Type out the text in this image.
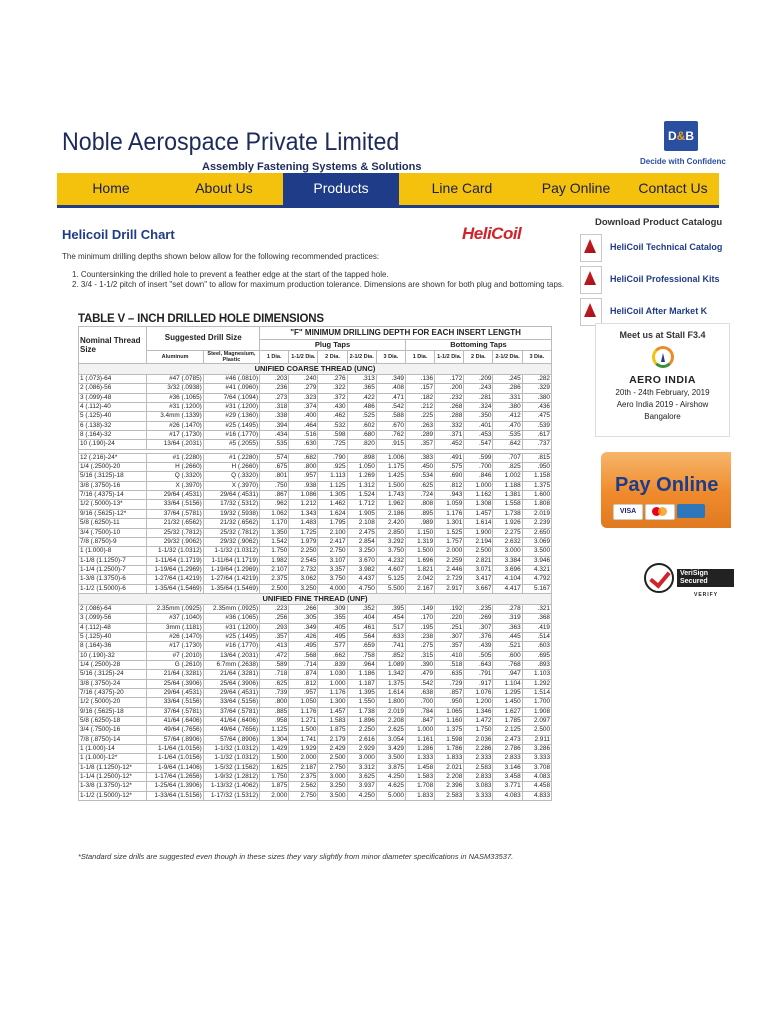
Noble Aerospace Private Limited
Assembly Fastening Systems & Solutions
D&B
Decide with Confidenc
Home	About Us	Products	Line Card	Pay Online	Contact Us
Helicoil Drill Chart	HeliCoil
The minimum drilling depths shown below allow for the following recommended practices:
1. Countersinking the drilled hole to prevent a feather edge at the start of the tapped hole.
2. 3/4 - 1-1/2 pitch of insert "set down" to allow for maximum production tolerance. Dimensions are shown for both plug and bottoming taps.
TABLE V – INCH DRILLED HOLE DIMENSIONS
Nominal Thread Size	Suggested Drill Size		"F" MINIMUM DRILLING DEPTH FOR EACH INSERT LENGTH									
			Plug Taps					Bottoming Taps				
	Aluminum	Steel, Magnesium, Plastic	1 Dia.	1-1/2 Dia.	2 Dia.	2-1/2 Dia.	3 Dia.	1 Dia.	1-1/2 Dia.	2 Dia.	2-1/2 Dia.	3 Dia.
UNIFIED COARSE THREAD (UNC)												
1 (.073)-64	#47 (.0785)	#46 (.0810)	.203	.240	.276	.313	.349	.136	.172	.209	.245	.282
2 (.086)-56	3/32 (.0938)	#41 (.0960)	.236	.279	.322	.365	.408	.157	.200	.243	.286	.329
3 (.099)-48	#36 (.1065)	7/64 (.1094)	.273	.323	.372	.422	.471	.182	.232	.281	.331	.380
4 (.112)-40	#31 (.1200)	#31 (.1200)	.318	.374	.430	.486	.542	.212	.268	.324	.380	.436
5 (.125)-40	3.4mm (.1339)	#29 (.1360)	.338	.400	.462	.525	.588	.225	.288	.350	.412	.475
6 (.138)-32	#26 (.1470)	#25 (.1495)	.394	.464	.532	.602	.670	.263	.332	.401	.470	.539
8 (.164)-32	#17 (.1730)	#16 (.1770)	.434	.516	.598	.680	.762	.289	.371	.453	.535	.617
10 (.190)-24	13/64 (.2031)	#5 (.2055)	.535	.630	.725	.820	.915	.357	.452	.547	.642	.737

12 (.216)-24*	#1 (.2280)	#1 (.2280)	.574	.682	.790	.898	1.006	.383	.491	.599	.707	.815
1/4 (.2500)-20	H (.2660)	H (.2660)	.675	.800	.925	1.050	1.175	.450	.575	.700	.825	.950
5/16 (.3125)-18	Q (.3320)	Q (.3320)	.801	.957	1.113	1.269	1.425	.534	.690	.846	1.002	1.158
3/8 (.3750)-16	X (.3970)	X (.3970)	.750	.938	1.125	1.312	1.500	.625	.812	1.000	1.188	1.375
7/16 (.4375)-14	29/64 (.4531)	29/64 (.4531)	.867	1.086	1.305	1.524	1.743	.724	.943	1.162	1.381	1.600
1/2 (.5000)-13*	33/64 (.5156)	17/32 (.5312)	.962	1.212	1.462	1.712	1.962	.808	1.059	1.308	1.558	1.808
9/16 (.5625)-12*	37/64 (.5781)	19/32 (.5938)	1.062	1.343	1.624	1.905	2.186	.895	1.176	1.457	1.738	2.019
5/8 (.6250)-11	21/32 (.6562)	21/32 (.6562)	1.170	1.483	1.795	2.108	2.420	.989	1.301	1.614	1.926	2.239
3/4 (.7500)-10	25/32 (.7812)	25/32 (.7812)	1.350	1.725	2.100	2.475	2.850	1.150	1.525	1.900	2.275	2.650
7/8 (.8750)-9	29/32 (.9062)	29/32 (.9062)	1.542	1.979	2.417	2.854	3.292	1.319	1.757	2.194	2.632	3.069
1 (1.000)-8	1-1/32 (1.0312)	1-1/32 (1.0312)	1.750	2.250	2.750	3.250	3.750	1.500	2.000	2.500	3.000	3.500
1-1/8 (1.1250)-7	1-11/64 (1.1719)	1-11/64 (1.1719)	1.982	2.545	3.107	3.670	4.232	1.696	2.259	2.821	3.384	3.946
1-1/4 (1.2500)-7	1-19/64 (1.2969)	1-19/64 (1.2969)	2.107	2.732	3.357	3.982	4.607	1.821	2.446	3.071	3.696	4.321
1-3/8 (1.3750)-6	1-27/64 (1.4219)	1-27/64 (1.4219)	2.375	3.062	3.750	4.437	5.125	2.042	2.729	3.417	4.104	4.792
1-1/2 (1.5000)-6	1-35/64 (1.5469)	1-35/64 (1.5469)	2.500	3.250	4.000	4.750	5.500	2.167	2.917	3.667	4.417	5.167
UNIFIED FINE THREAD (UNF)												
2 (.086)-64	2.35mm (.0925)	2.35mm (.0925)	.223	.266	.309	.352	.395	.149	.192	.235	.278	.321
3 (.099)-56	#37 (.1040)	#36 (.1065)	.256	.305	.355	.404	.454	.170	.220	.269	.319	.368
4 (.112)-48	3mm (.1181)	#31 (.1200)	.293	.349	.405	.461	.517	.195	.251	.307	.363	.419
5 (.125)-40	#26 (.1470)	#25 (.1495)	.357	.426	.495	.564	.633	.238	.307	.376	.445	.514
8 (.164)-36	#17 (.1730)	#16 (.1770)	.413	.495	.577	.659	.741	.275	.357	.439	.521	.603
10 (.190)-32	#7 (.2010)	13/64 (.2031)	.472	.568	.662	.758	.852	.315	.410	.505	.600	.695
1/4 (.2500)-28	G (.2610)	6.7mm (.2638)	.589	.714	.839	.964	1.089	.390	.518	.643	.768	.893
5/16 (.3125)-24	21/64 (.3281)	21/64 (.3281)	.718	.874	1.030	1.186	1.342	.479	.635	.791	.947	1.103
3/8 (.3750)-24	25/64 (.3906)	25/64 (.3906)	.625	.812	1.000	1.187	1.375	.542	.729	.917	1.104	1.292
7/16 (.4375)-20	29/64 (.4531)	29/64 (.4531)	.739	.957	1.176	1.395	1.614	.638	.857	1.076	1.295	1.514
1/2 (.5000)-20	33/64 (.5156)	33/64 (.5156)	.800	1.050	1.300	1.550	1.800	.700	.950	1.200	1.450	1.700
9/16 (.5625)-18	37/64 (.5781)	37/64 (.5781)	.885	1.176	1.457	1.738	2.019	.784	1.065	1.346	1.627	1.908
5/8 (.6250)-18	41/64 (.6406)	41/64 (.6406)	.958	1.271	1.583	1.896	2.208	.847	1.160	1.472	1.785	2.097
3/4 (.7500)-16	49/64 (.7656)	49/64 (.7656)	1.125	1.500	1.875	2.250	2.625	1.000	1.375	1.750	2.125	2.500
7/8 (.8750)-14	57/64 (.8906)	57/64 (.8906)	1.304	1.741	2.179	2.616	3.054	1.161	1.598	2.036	2.473	2.911
1 (1.000)-14	1-1/64 (1.0156)	1-1/32 (1.0312)	1.429	1.929	2.429	2.929	3.429	1.286	1.786	2.286	2.786	3.286
1 (1.000)-12*	1-1/64 (1.0156)	1-1/32 (1.0312)	1.500	2.000	2.500	3.000	3.500	1.333	1.833	2.333	2.833	3.333
1-1/8 (1.1250)-12*	1-9/64 (1.1406)	1-5/32 (1.1562)	1.625	2.187	2.750	3.312	3.875	1.458	2.021	2.583	3.146	3.708
1-1/4 (1.2500)-12*	1-17/64 (1.2656)	1-9/32 (1.2812)	1.750	2.375	3.000	3.625	4.250	1.583	2.208	2.833	3.458	4.083
1-3/8 (1.3750)-12*	1-25/64 (1.3906)	1-13/32 (1.4062)	1.875	2.562	3.250	3.937	4.625	1.708	2.396	3.083	3.771	4.458
1-1/2 (1.5000)-12*	1-33/64 (1.5156)	1-17/32 (1.5312)	2.000	2.750	3.500	4.250	5.000	1.833	2.583	3.333	4.083	4.833
*Standard size drills are suggested even though in these sizes they vary slightly from minor diameter specifications in NASM33537.
Download Product Catalogu
HeliCoil Technical Catalog
HeliCoil Professional Kits
HeliCoil After Market K
Meet us at Stall F3.4
AERO INDIA
20th - 24th February, 2019
Aero India 2019 - Airshow
Bangalore
Pay Online
VISA
VeriSign Secured
VERIFY
